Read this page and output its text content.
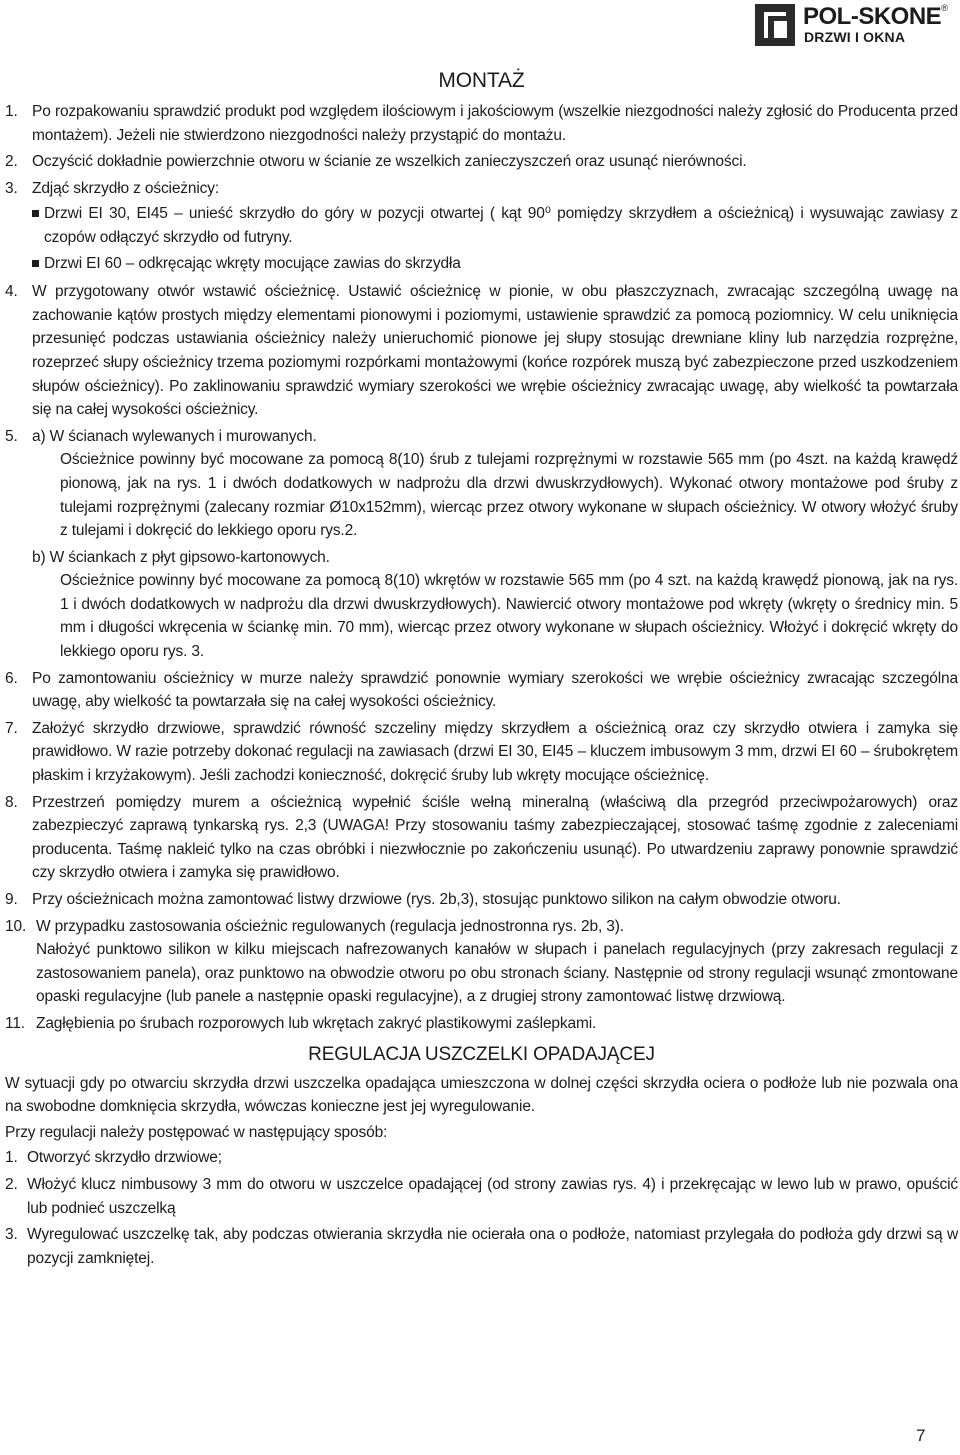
POL-SKONE®
DRZWI I OKNA
MONTAŻ
1. Po rozpakowaniu sprawdzić produkt pod względem ilościowym i jakościowym (wszelkie niezgodności należy zgłosić do Producenta przed montażem). Jeżeli nie stwierdzono niezgodności należy przystąpić do montażu.
2. Oczyścić dokładnie powierzchnie otworu w ścianie ze wszelkich zanieczyszczeń oraz usunąć nierówności.
3. Zdjąć skrzydło z ościeżnicy:

Drzwi EI 30, EI45 – unieść skrzydło do góry w pozycji otwartej ( kąt 90⁰ pomiędzy skrzydłem a ościeżnicą) i wysuwając zawiasy z czopów odłączyć skrzydło od futryny.
Drzwi EI 60 – odkręcając wkręty mocujące zawias do skrzydła
4. W przygotowany otwór wstawić ościeżnicę. Ustawić ościeżnicę w pionie, w obu płaszczyznach, zwracając szczególną uwagę na zachowanie kątów prostych między elementami pionowymi i poziomymi, ustawienie sprawdzić za pomocą poziomnicy. W celu uniknięcia przesunięć podczas ustawiania ościeżnicy należy unieruchomić pionowe jej słupy stosując drewniane kliny lub narzędzia rozprężne, rozeprzeć słupy ościeżnicy trzema poziomymi rozpórkami montażowymi (końce rozpórek muszą być zabezpieczone przed uszkodzeniem słupów ościeżnicy). Po zaklinowaniu sprawdzić wymiary szerokości we wrębie ościeżnicy zwracając uwagę, aby wielkość ta powtarzała się na całej wysokości ościeżnicy.
5. a) W ścianach wylewanych i murowanych.

Ościeżnice powinny być mocowane za pomocą 8(10) śrub z tulejami rozprężnymi w rozstawie 565 mm (po 4szt. na każdą krawędź pionową, jak na rys. 1 i dwóch dodatkowych w nadprożu dla drzwi dwuskrzydłowych). Wykonać otwory montażowe pod śruby z tulejami rozprężnymi (zalecany rozmiar Ø10x152mm), wiercąc przez otwory wykonane w słupach ościeżnicy. W otwory włożyć śruby z tulejami i dokręcić do lekkiego oporu rys.2.

b) W ściankach z płyt gipsowo-kartonowych.

Ościeżnice powinny być mocowane za pomocą 8(10) wkrętów w rozstawie 565 mm (po 4 szt. na każdą krawędź pionową, jak na rys. 1 i dwóch dodatkowych w nadprożu dla drzwi dwuskrzydłowych). Nawiercić otwory montażowe pod wkręty (wkręty o średnicy min. 5 mm i długości wkręcenia w ściankę min. 70 mm), wiercąc przez otwory wykonane w słupach ościeżnicy. Włożyć i dokręcić wkręty do lekkiego oporu rys. 3.

6. Po zamontowaniu ościeżnicy w murze należy sprawdzić ponownie wymiary szerokości we wrębie ościeżnicy zwracając szczególna uwagę, aby wielkość ta powtarzała się na całej wysokości ościeżnicy.
7. Założyć skrzydło drzwiowe, sprawdzić równość szczeliny między skrzydłem a ościeżnicą oraz czy skrzydło otwiera i zamyka się prawidłowo. W razie potrzeby dokonać regulacji na zawiasach (drzwi EI 30, EI45 – kluczem imbusowym 3 mm, drzwi EI 60 – śrubokrętem płaskim i krzyżakowym). Jeśli zachodzi konieczność, dokręcić śruby lub wkręty mocujące ościeżnicę.
8. Przestrzeń pomiędzy murem a ościeżnicą wypełnić ściśle wełną mineralną (właściwą dla przegród przeciwpożarowych) oraz zabezpieczyć zaprawą tynkarską rys. 2,3 (UWAGA! Przy stosowaniu taśmy zabezpieczającej, stosować taśmę zgodnie z zaleceniami producenta. Taśmę nakleić tylko na czas obróbki i niezwłocznie po zakończeniu usunąć). Po utwardzeniu zaprawy ponownie sprawdzić czy skrzydło otwiera i zamyka się prawidłowo.
9. Przy ościeżnicach można zamontować listwy drzwiowe (rys. 2b,3), stosując punktowo silikon na całym obwodzie otworu.
10. W przypadku zastosowania ościeżnic regulowanych (regulacja jednostronna rys. 2b, 3).

Nałożyć punktowo silikon w kilku miejscach nafrezowanych kanałów w słupach i panelach regulacyjnych (przy zakresach regulacji z zastosowaniem panela), oraz punktowo na obwodzie otworu po obu stronach ściany. Następnie od strony regulacji wsunąć zmontowane opaski regulacyjne (lub panele a następnie opaski regulacyjne), a z drugiej strony zamontować listwę drzwiową.

11. Zagłębienia po śrubach rozporowych lub wkrętach zakryć plastikowymi zaślepkami.
REGULACJA USZCZELKI OPADAJĄCEJ

W sytuacji gdy po otwarciu skrzydła drzwi uszczelka opadająca umieszczona w dolnej części skrzydła ociera o podłoże lub nie pozwala ona na swobodne domknięcia skrzydła, wówczas konieczne jest jej wyregulowanie.

Przy regulacji należy postępować w następujący sposób:

1. Otworzyć skrzydło drzwiowe;
2. Włożyć klucz nimbusowy 3 mm do otworu w uszczelce opadającej (od strony zawias rys. 4) i przekręcając w lewo lub w prawo, opuścić lub podnieć uszczelką
3. Wyregulować uszczelkę tak, aby podczas otwierania skrzydła nie ocierała ona o podłoże, natomiast przylegała do podłoża gdy drzwi są w pozycji zamkniętej.
7
